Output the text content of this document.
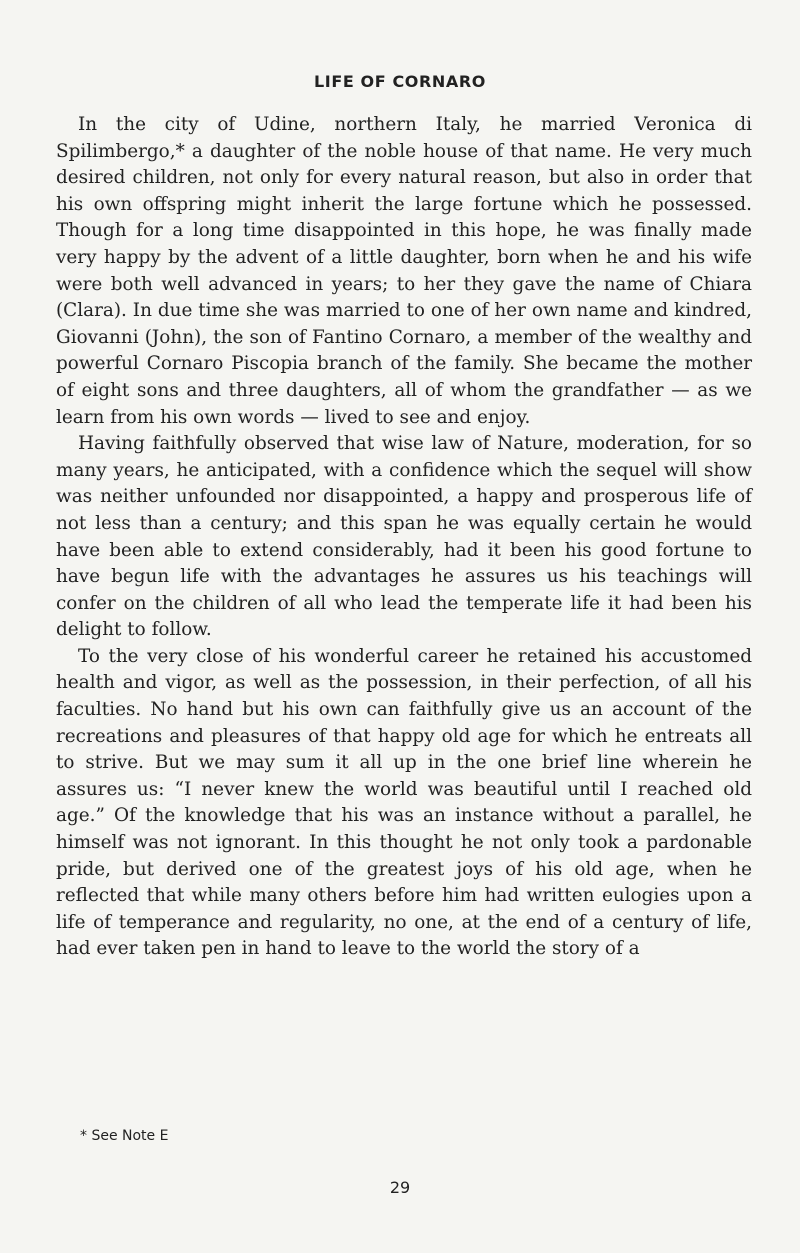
LIFE OF CORNARO

In the city of Udine, northern Italy, he married Veronica di Spilimbergo,* a daughter of the noble house of that name. He very much desired children, not only for every natural reason, but also in order that his own offspring might inherit the large fortune which he possessed. Though for a long time disappointed in this hope, he was finally made very happy by the advent of a little daughter, born when he and his wife were both well advanced in years; to her they gave the name of Chiara (Clara). In due time she was married to one of her own name and kindred, Giovanni (John), the son of Fantino Cornaro, a member of the wealthy and powerful Cornaro Piscopia branch of the family. She became the mother of eight sons and three daughters, all of whom the grandfather — as we learn from his own words — lived to see and enjoy.

Having faithfully observed that wise law of Nature, moderation, for so many years, he anticipated, with a confidence which the sequel will show was neither unfounded nor disappointed, a happy and prosperous life of not less than a century; and this span he was equally certain he would have been able to extend considerably, had it been his good fortune to have begun life with the advantages he assures us his teachings will confer on the children of all who lead the temperate life it had been his delight to follow.

To the very close of his wonderful career he retained his accustomed health and vigor, as well as the possession, in their perfection, of all his faculties. No hand but his own can faithfully give us an account of the recreations and pleasures of that happy old age for which he entreats all to strive. But we may sum it all up in the one brief line wherein he assures us: “I never knew the world was beautiful until I reached old age.” Of the knowledge that his was an instance without a parallel, he himself was not ignorant. In this thought he not only took a pardonable pride, but derived one of the greatest joys of his old age, when he reflected that while many others before him had written eulogies upon a life of temperance and regularity, no one, at the end of a century of life, had ever taken pen in hand to leave to the world the story of a

* See Note E
29
